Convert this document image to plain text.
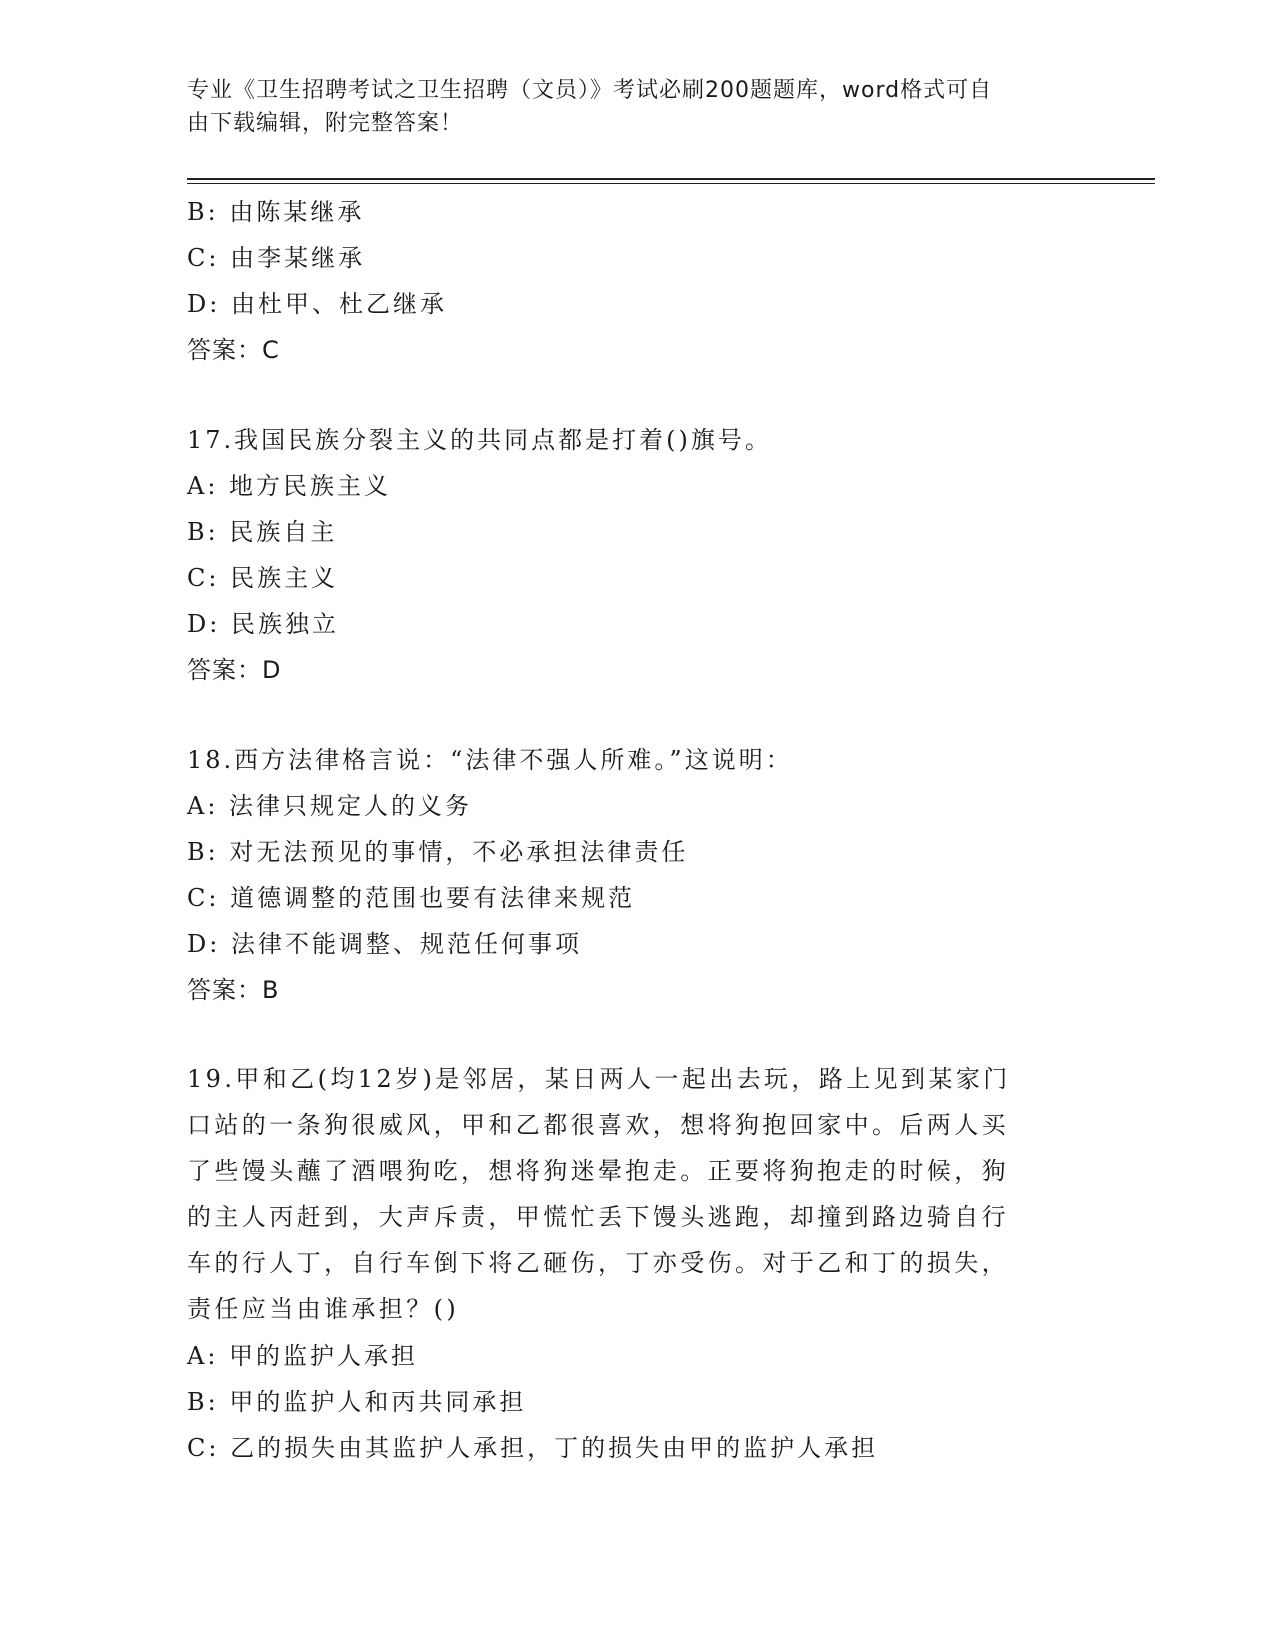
专业《卫生招聘考试之卫生招聘（文员）》考试必刷200题题库，word格式可自
由下载编辑，附完整答案！
B: 由陈某继承
C: 由李某继承
D: 由杜甲、杜乙继承
答案：C
17.我国民族分裂主义的共同点都是打着()旗号。
A: 地方民族主义
B: 民族自主
C: 民族主义
D: 民族独立
答案：D
18.西方法律格言说：“法律不强人所难。”这说明：
A: 法律只规定人的义务
B: 对无法预见的事情，不必承担法律责任
C: 道德调整的范围也要有法律来规范
D: 法律不能调整、规范任何事项
答案：B
19.甲和乙(均12岁)是邻居，某日两人一起出去玩，路上见到某家门
口站的一条狗很威风，甲和乙都很喜欢，想将狗抱回家中。后两人买
了些馒头蘸了酒喂狗吃，想将狗迷晕抱走。正要将狗抱走的时候，狗
的主人丙赶到，大声斥责，甲慌忙丢下馒头逃跑，却撞到路边骑自行
车的行人丁，自行车倒下将乙砸伤，丁亦受伤。对于乙和丁的损失，
责任应当由谁承担？()
A: 甲的监护人承担
B: 甲的监护人和丙共同承担
C: 乙的损失由其监护人承担，丁的损失由甲的监护人承担
